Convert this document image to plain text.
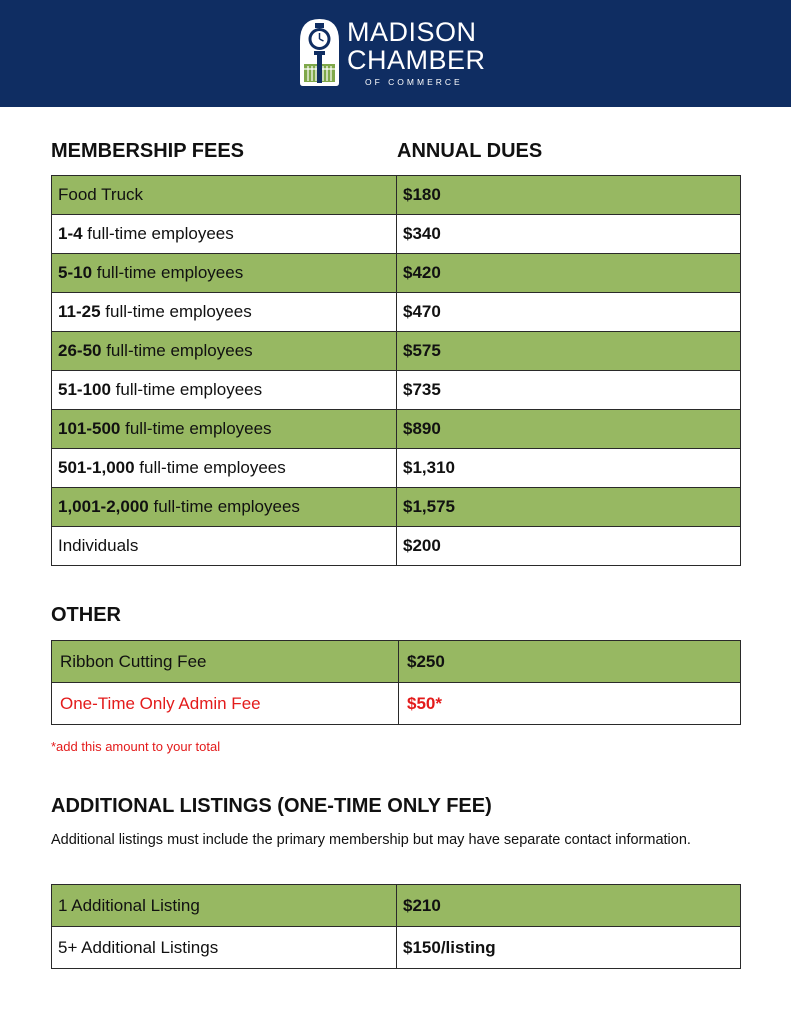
MADISON
CHAMBER
OF COMMERCE
MEMBERSHIP FEES	ANNUAL DUES
Food Truck	$180
1-4 full-time employees	$340
5-10 full-time employees	$420
11-25 full-time employees	$470
26-50 full-time employees	$575
51-100 full-time employees	$735
101-500 full-time employees	$890
501-1,000 full-time employees	$1,310
1,001-2,000 full-time employees	$1,575
Individuals	$200
OTHER
Ribbon Cutting Fee	$250
One-Time Only Admin Fee	$50*
*add this amount to your total
ADDITIONAL LISTINGS (ONE-TIME ONLY FEE)
Additional listings must include the primary membership but may have separate contact information.
1 Additional Listing	$210
5+ Additional Listings	$150/listing
